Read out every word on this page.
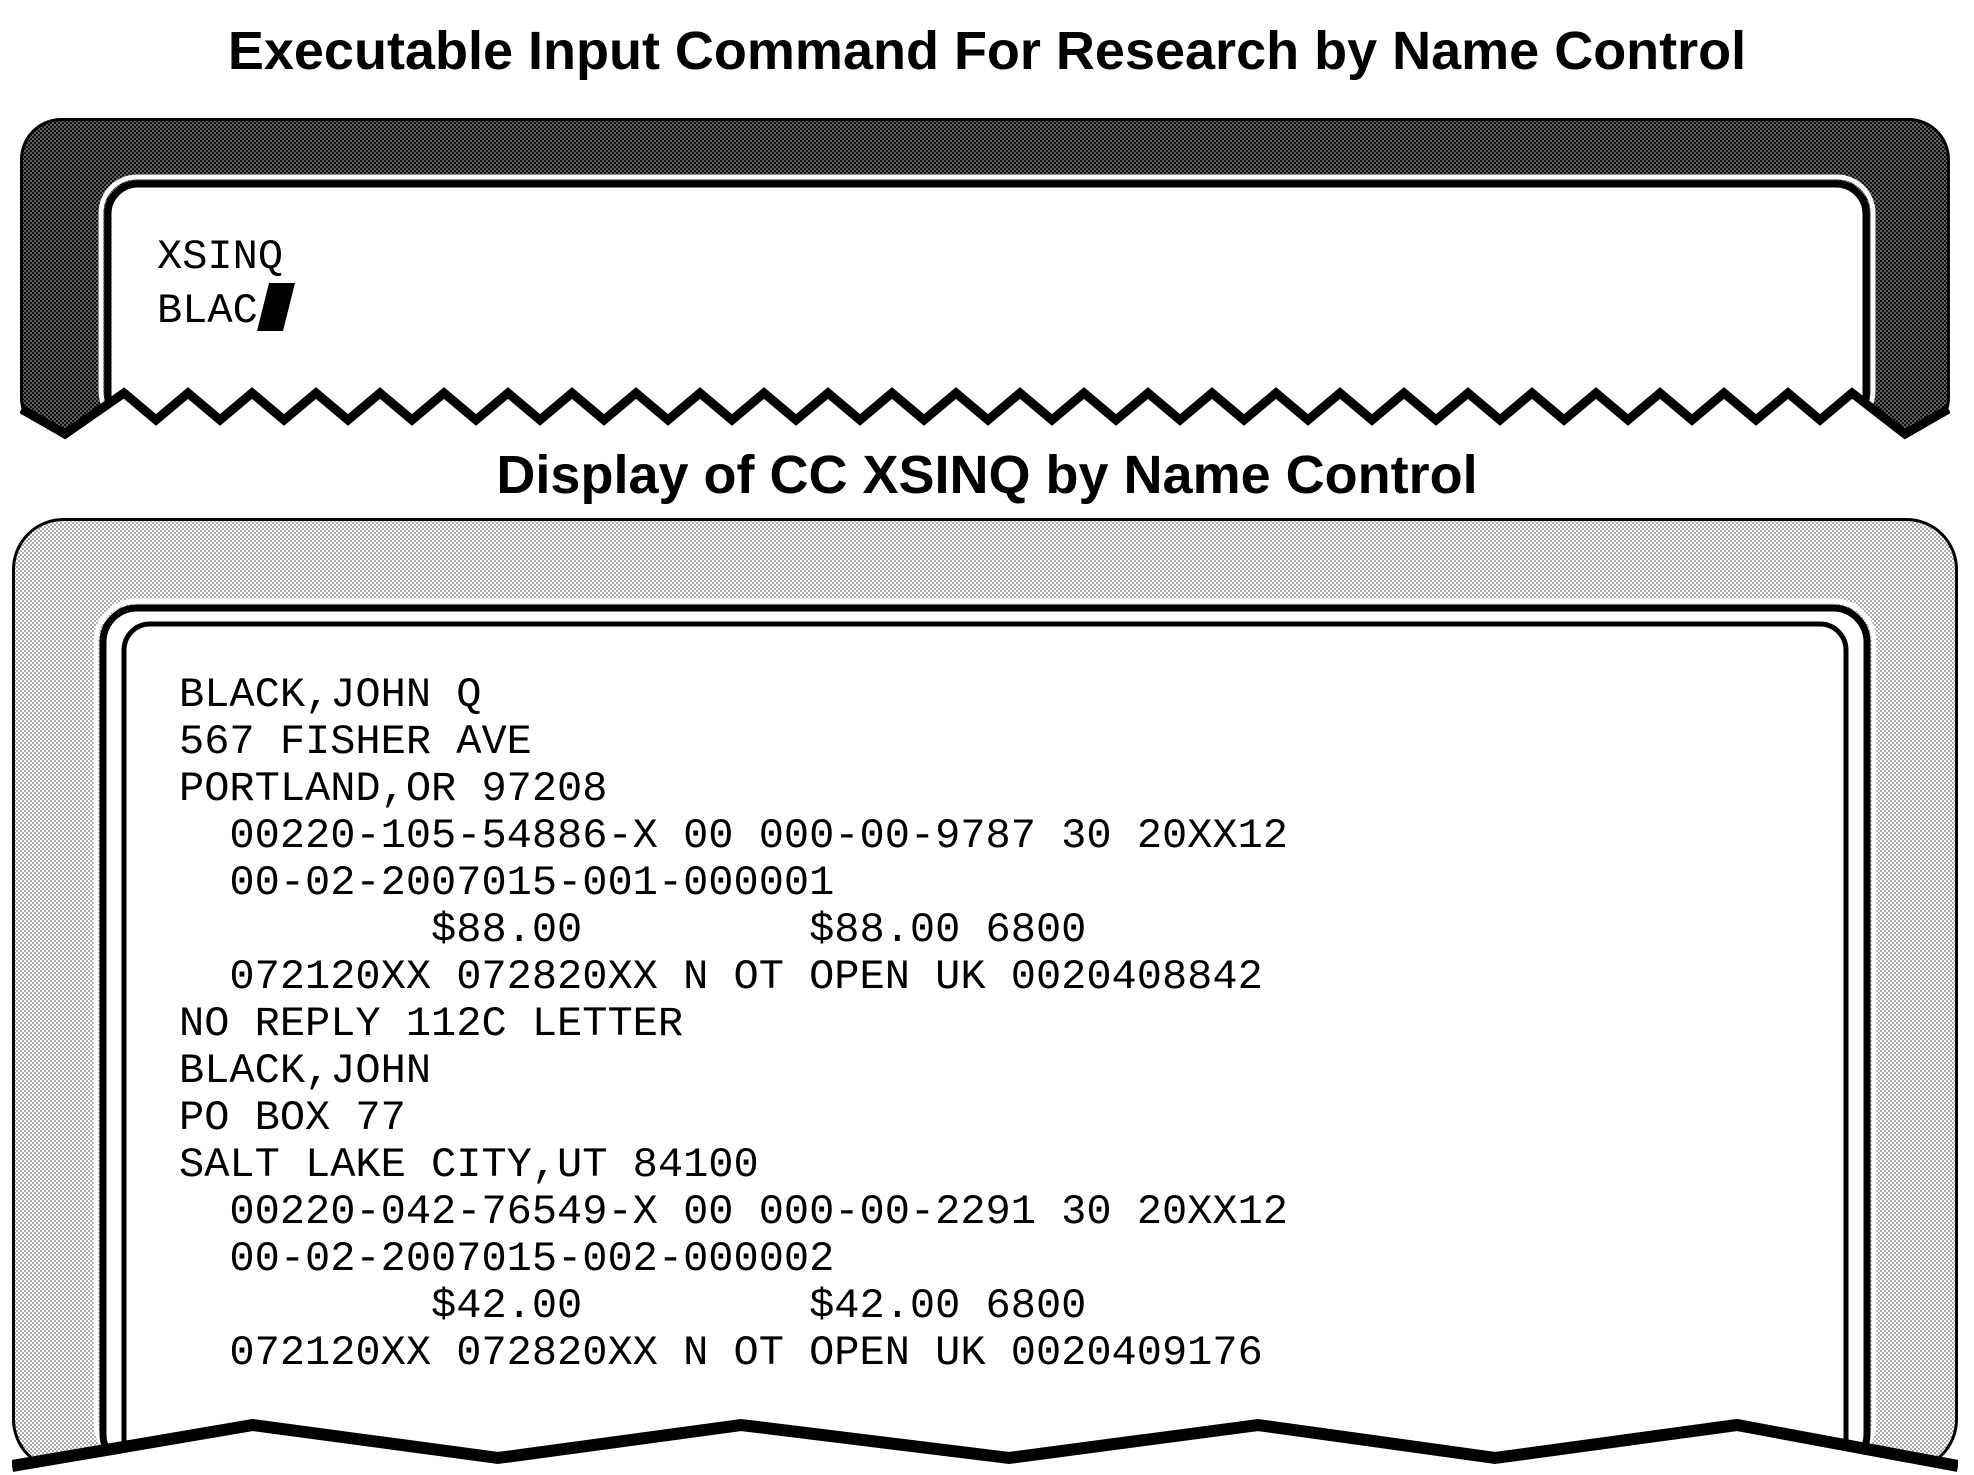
Executable Input Command For Research by Name Control
XSINQ
BLAC
Display of CC XSINQ by Name Control
BLACK,JOHN Q
567 FISHER AVE
PORTLAND,OR 97208
00220-105-54886-X 00 000-00-9787 30 20XX12
00-02-2007015-001-000001
$88.00         $88.00 6800
072120XX 072820XX N OT OPEN UK 0020408842
NO REPLY 112C LETTER
BLACK,JOHN
PO BOX 77
SALT LAKE CITY,UT 84100
00220-042-76549-X 00 000-00-2291 30 20XX12
00-02-2007015-002-000002
$42.00         $42.00 6800
072120XX 072820XX N OT OPEN UK 0020409176
